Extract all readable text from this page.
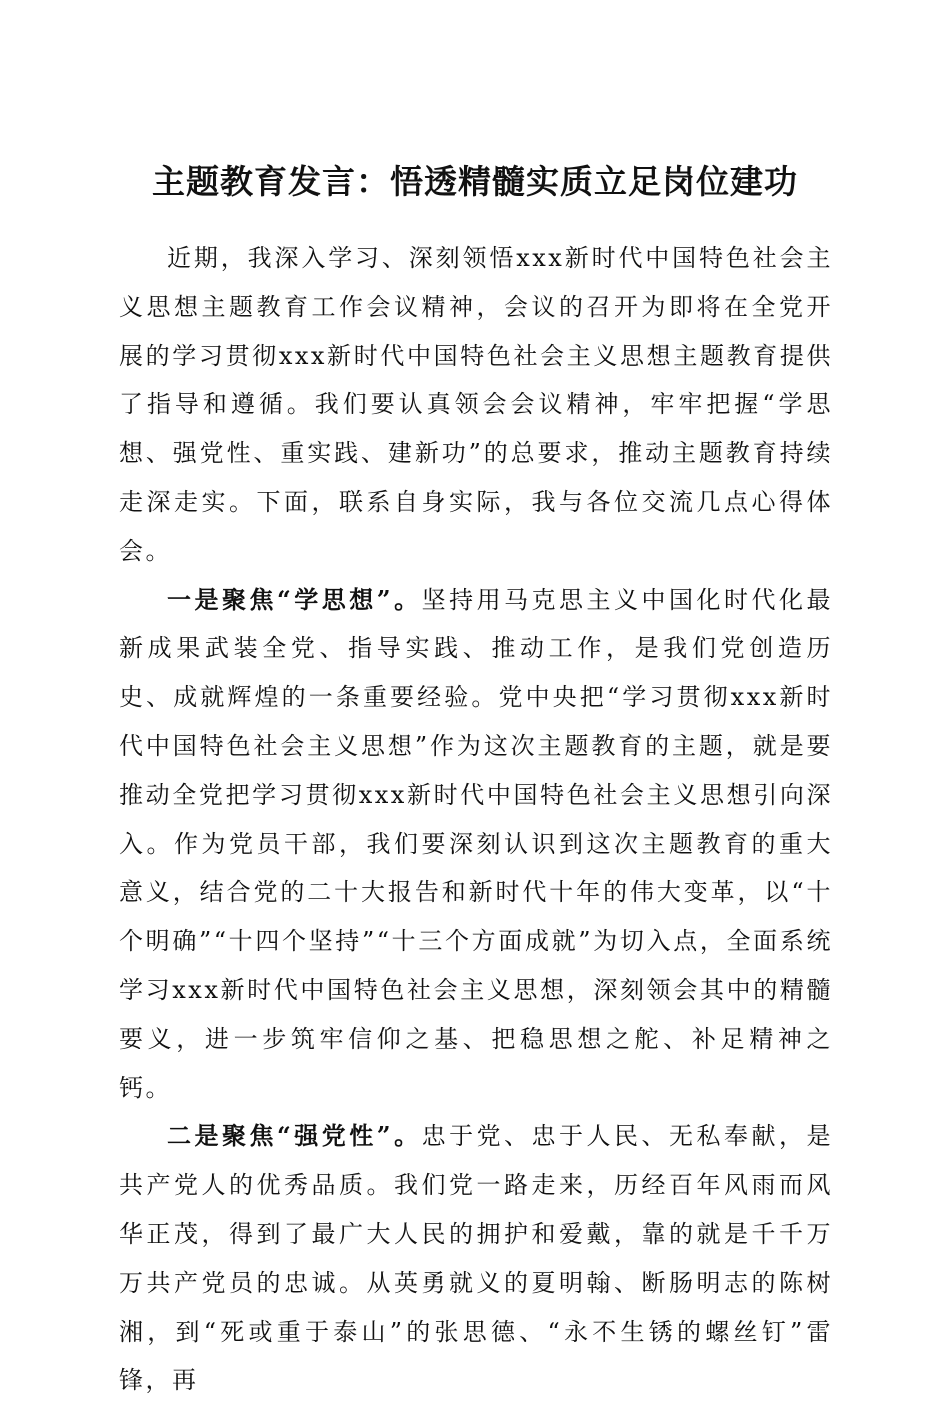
主题教育发言：悟透精髓实质立足岗位建功

近期，我深入学习、深刻领悟xxx新时代中国特色社会主义思想主题教育工作会议精神，会议的召开为即将在全党开展的学习贯彻xxx新时代中国特色社会主义思想主题教育提供了指导和遵循。我们要认真领会会议精神，牢牢把握“学思想、强党性、重实践、建新功”的总要求，推动主题教育持续走深走实。下面，联系自身实际，我与各位交流几点心得体会。

一是聚焦“学思想”。坚持用马克思主义中国化时代化最新成果武装全党、指导实践、推动工作，是我们党创造历史、成就辉煌的一条重要经验。党中央把“学习贯彻xxx新时代中国特色社会主义思想”作为这次主题教育的主题，就是要推动全党把学习贯彻xxx新时代中国特色社会主义思想引向深入。作为党员干部，我们要深刻认识到这次主题教育的重大意义，结合党的二十大报告和新时代十年的伟大变革，以“十个明确”“十四个坚持”“十三个方面成就”为切入点，全面系统学习xxx新时代中国特色社会主义思想，深刻领会其中的精髓要义，进一步筑牢信仰之基、把稳思想之舵、补足精神之钙。

二是聚焦“强党性”。忠于党、忠于人民、无私奉献，是共产党人的优秀品质。我们党一路走来，历经百年风雨而风华正茂，得到了最广大人民的拥护和爱戴，靠的就是千千万万共产党员的忠诚。从英勇就义的夏明翰、断肠明志的陈树湘，到“死或重于泰山”的张思德、“永不生锈的螺丝钉”雷锋，再
